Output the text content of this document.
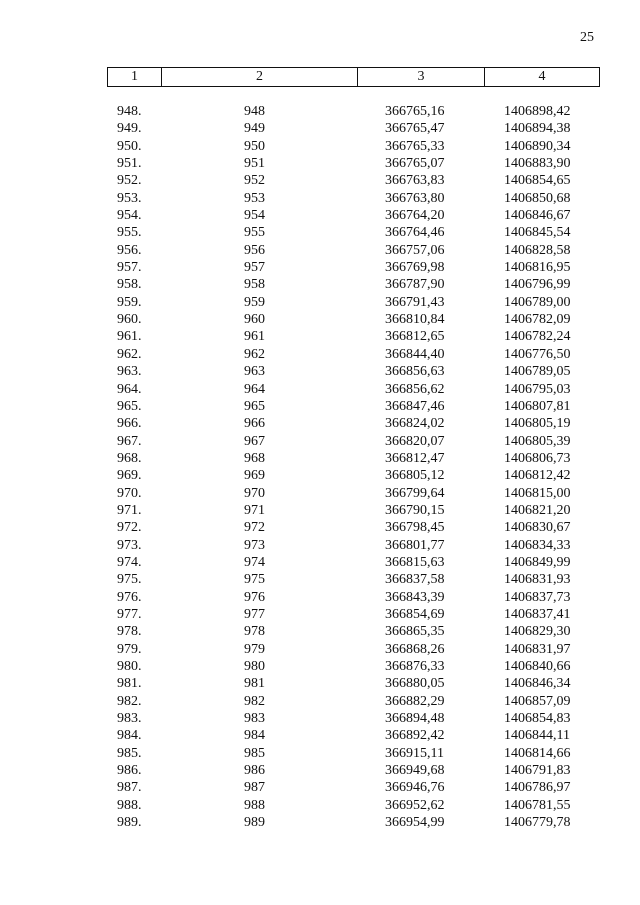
25
1	2	3	4
948.	948	366765,16	1406898,42
949.	949	366765,47	1406894,38
950.	950	366765,33	1406890,34
951.	951	366765,07	1406883,90
952.	952	366763,83	1406854,65
953.	953	366763,80	1406850,68
954.	954	366764,20	1406846,67
955.	955	366764,46	1406845,54
956.	956	366757,06	1406828,58
957.	957	366769,98	1406816,95
958.	958	366787,90	1406796,99
959.	959	366791,43	1406789,00
960.	960	366810,84	1406782,09
961.	961	366812,65	1406782,24
962.	962	366844,40	1406776,50
963.	963	366856,63	1406789,05
964.	964	366856,62	1406795,03
965.	965	366847,46	1406807,81
966.	966	366824,02	1406805,19
967.	967	366820,07	1406805,39
968.	968	366812,47	1406806,73
969.	969	366805,12	1406812,42
970.	970	366799,64	1406815,00
971.	971	366790,15	1406821,20
972.	972	366798,45	1406830,67
973.	973	366801,77	1406834,33
974.	974	366815,63	1406849,99
975.	975	366837,58	1406831,93
976.	976	366843,39	1406837,73
977.	977	366854,69	1406837,41
978.	978	366865,35	1406829,30
979.	979	366868,26	1406831,97
980.	980	366876,33	1406840,66
981.	981	366880,05	1406846,34
982.	982	366882,29	1406857,09
983.	983	366894,48	1406854,83
984.	984	366892,42	1406844,11
985.	985	366915,11	1406814,66
986.	986	366949,68	1406791,83
987.	987	366946,76	1406786,97
988.	988	366952,62	1406781,55
989.	989	366954,99	1406779,78
